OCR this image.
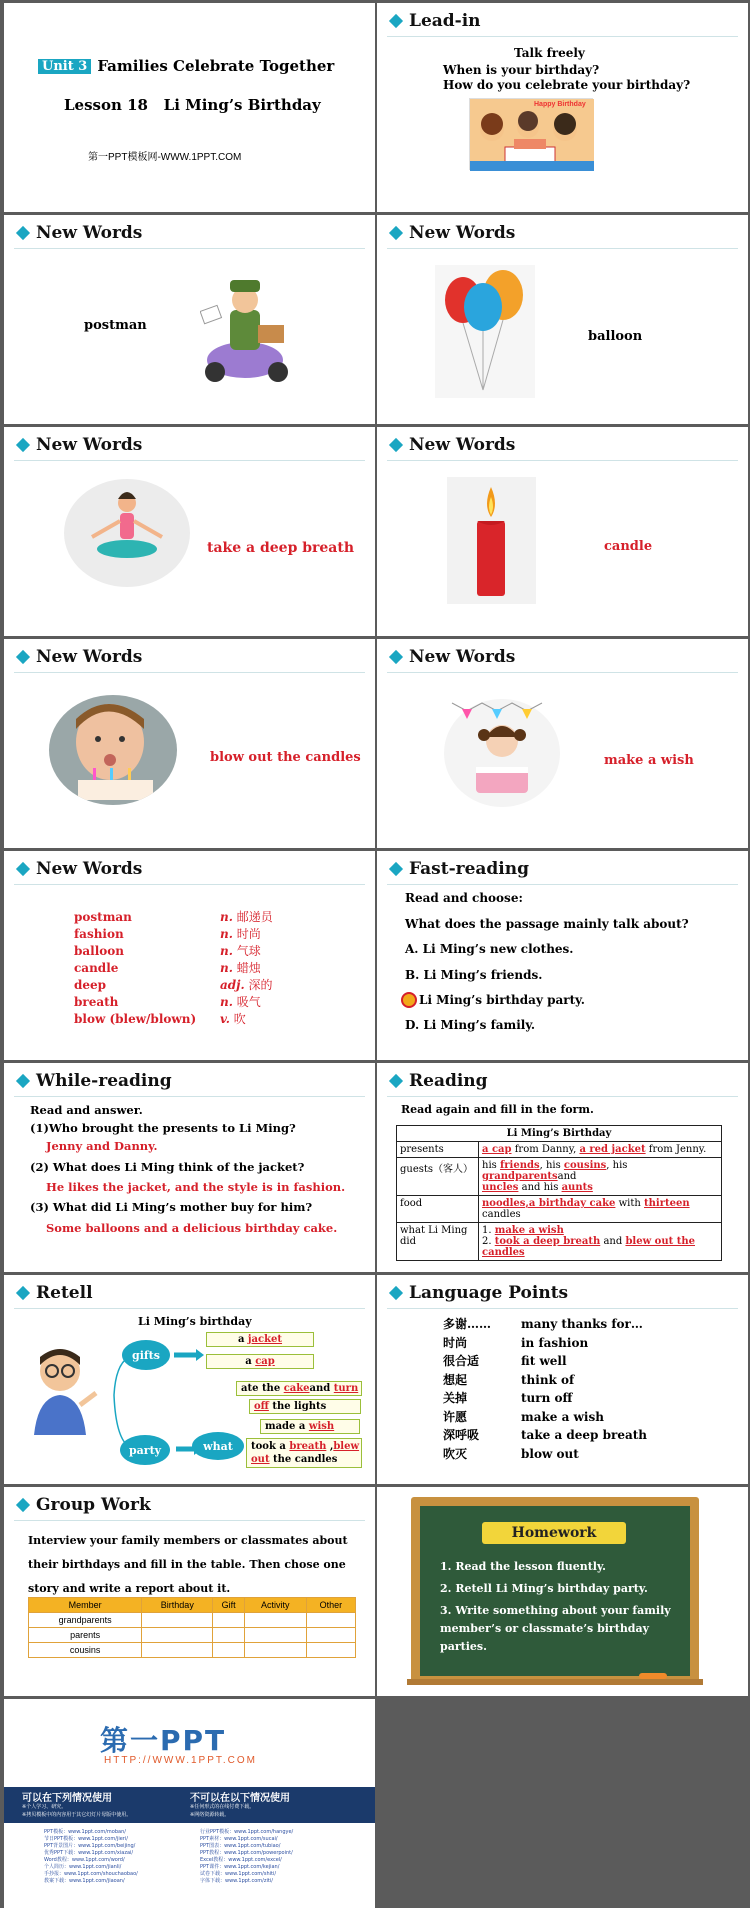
Unit 3 Families Celebrate Together
Lesson 18   Li Ming’s Birthday
第一PPT模板网-WWW.1PPT.COM
Lead-in
Talk freely
When is your birthday?
How do you celebrate your birthday?
Happy Birthday
New Words
postman
New Words
balloon
New Words
take a deep breath
New Words
candle
New Words
blow out the candles
New Words
make a wish
New Words
postman	n. 邮递员
fashion	n. 时尚
balloon	n. 气球
candle	n. 蜡烛
deep	adj. 深的
breath	n. 吸气
blow (blew/blown)	v. 吹
Fast-reading
Read and choose:
What does the passage mainly talk about?
A. Li Ming’s new clothes.
B. Li Ming’s friends.
Li Ming’s birthday party.
D. Li Ming’s family.
While-reading
Read and answer.
(1)Who brought the presents to Li Ming?
Jenny and Danny.
(2) What does Li Ming think of the jacket?
He likes the jacket, and the style is in fashion.
(3) What did Li Ming’s mother buy for him?
Some balloons and a delicious birthday cake.
Reading
Read again and fill in the form.
Li Ming’s Birthday	
presents	a cap from Danny, a red jacket from Jenny.
guests（客人）	his friends, his cousins, his grandparentsand
uncles and his aunts
food	noodles,a birthday cake with thirteen candles
what Li Ming did	1. make a wish
2. took a deep breath and blew out the candles
Retell
Li Ming’s birthday
gifts
party	what
a jacket
a cap
ate the cakeand turn
off the lights
made a wish
took a breath ,blew
out the candles
Language Points
多谢……	many thanks for…
时尚	in fashion
很合适	fit well
想起	think of
关掉	turn off
许愿	make a wish
深呼吸	take a deep breath
吹灭	blow out
Group Work
Interview your family members or classmates about their birthdays and fill in the table. Then chose one story and write a report about it.
Member	Birthday	Gift	Activity	Other
grandparents				
parents				
cousins				
Homework
1. Read the lesson fluently.
2. Retell Li Ming’s birthday party.
3. Write something about your family member’s or classmate’s birthday parties.
第一PPT
HTTP://WWW.1PPT.COM
可以在下列情况使用
※个人学习、研究。
※拷贝模板中的内容用于其它幻灯片母版中使用。
不可以在以下情况使用
※任何形式的在线付费下载。
※网络资源转载。
PPT模板：www.1ppt.com/moban/
节日PPT模板：www.1ppt.com/jieri/
PPT背景图片：www.1ppt.com/beijing/
优秀PPT下载：www.1ppt.com/xiazai/
Word教程：www.1ppt.com/word/
个人简历：www.1ppt.com/jianli/
手抄报：www.1ppt.com/shouchaobao/
教案下载：www.1ppt.com/jiaoan/
行业PPT模板：www.1ppt.com/hangye/
PPT素材：www.1ppt.com/sucai/
PPT图表：www.1ppt.com/tubiao/
PPT教程：www.1ppt.com/powerpoint/
Excel教程：www.1ppt.com/excel/
PPT课件：www.1ppt.com/kejian/
试卷下载：www.1ppt.com/shiti/
字体下载：www.1ppt.com/ziti/
